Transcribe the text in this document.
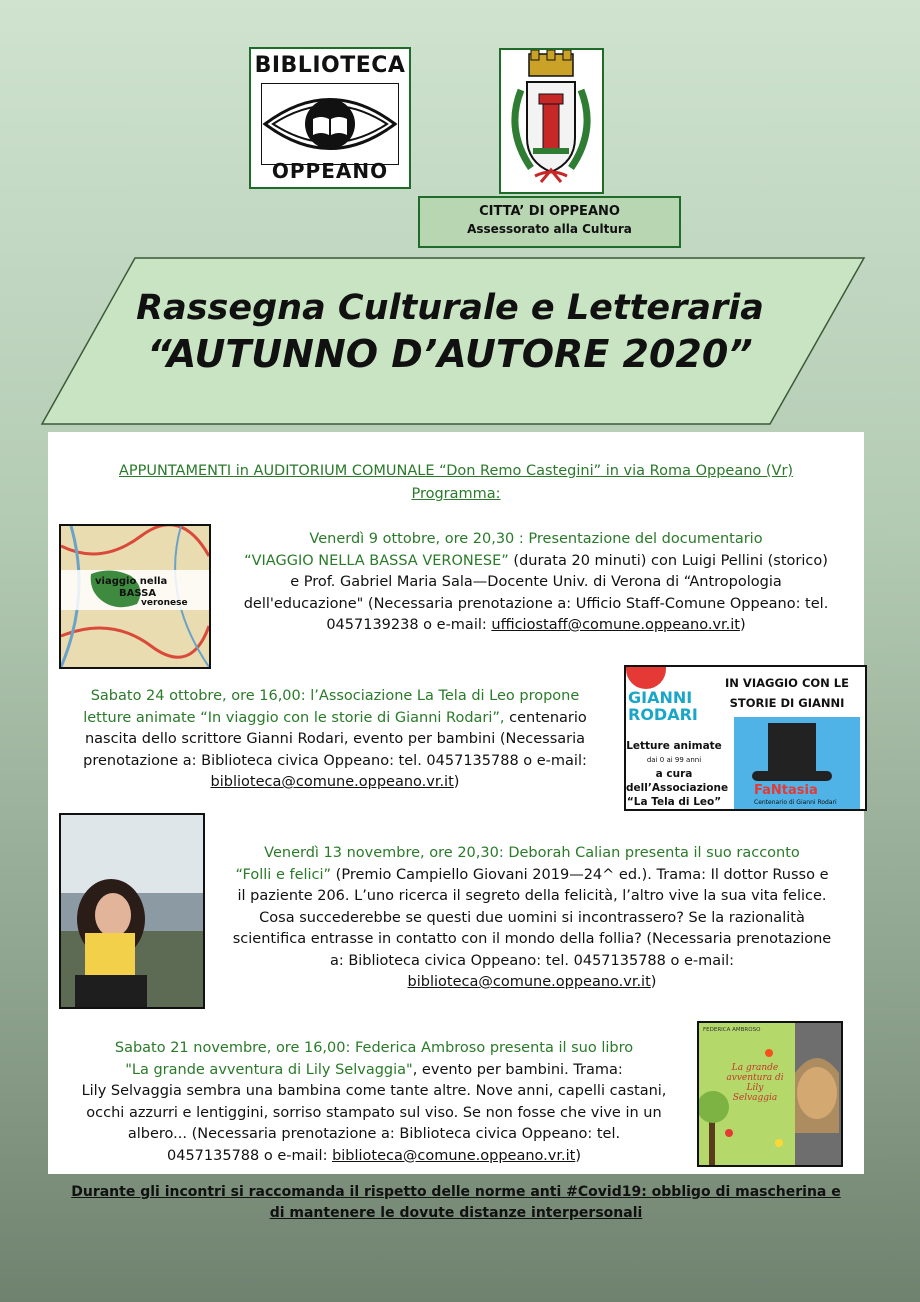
BIBLIOTECA
OPPEANO
CITTA’ DI OPPEANO
Assessorato alla Cultura
Rassegna Culturale e Letteraria
“AUTUNNO D’AUTORE 2020”
APPUNTAMENTI in AUDITORIUM COMUNALE “Don Remo Castegini” in via Roma Oppeano (Vr)
Programma:
viaggio nella
BASSA
veronese
Venerdì 9 ottobre, ore 20,30 : Presentazione del documentario
“VIAGGIO NELLA BASSA VERONESE” (durata 20 minuti) con Luigi Pellini (storico)
e Prof. Gabriel Maria Sala—Docente Univ. di Verona di “Antropologia
dell'educazione" (Necessaria prenotazione a: Ufficio Staff-Comune Oppeano: tel.
0457139238 o e-mail: ufficiostaff@comune.oppeano.vr.it)
Sabato 24 ottobre, ore 16,00: l’Associazione La Tela di Leo propone
letture animate “In viaggio con le storie di Gianni Rodari”, centenario
nascita dello scrittore Gianni Rodari, evento per bambini (Necessaria
prenotazione a: Biblioteca civica Oppeano: tel. 0457135788 o e-mail:
biblioteca@comune.oppeano.vr.it)
GIANNI
RODARI
IN VIAGGIO CON LE
STORIE DI GIANNI
Letture animate
dai 0 ai 99 anni
a cura
dell’Associazione
“La Tela di Leo”
FaNtasia
Centenario di Gianni Rodari
Venerdì 13 novembre, ore 20,30: Deborah Calian presenta il suo racconto
“Folli e felici” (Premio Campiello Giovani 2019—24^ ed.). Trama: Il dottor Russo e
il paziente 206. L’uno ricerca il segreto della felicità, l’altro vive la sua vita felice.
Cosa succederebbe se questi due uomini si incontrassero? Se la razionalità
scientifica entrasse in contatto con il mondo della follia? (Necessaria prenotazione
a: Biblioteca civica Oppeano: tel. 0457135788 o e-mail:
biblioteca@comune.oppeano.vr.it)
Sabato 21 novembre, ore 16,00: Federica Ambroso presenta il suo libro
"La grande avventura di Lily Selvaggia", evento per bambini. Trama:
Lily Selvaggia sembra una bambina come tante altre. Nove anni, capelli castani,
occhi azzurri e lentiggini, sorriso stampato sul viso. Se non fosse che vive in un
albero... (Necessaria prenotazione a: Biblioteca civica Oppeano: tel.
0457135788 o e-mail: biblioteca@comune.oppeano.vr.it)
FEDERICA AMBROSO
La grande
avventura di
Lily
Selvaggia
Durante gli incontri si raccomanda il rispetto delle norme anti #Covid19: obbligo di mascherina e
di mantenere le dovute distanze interpersonali
